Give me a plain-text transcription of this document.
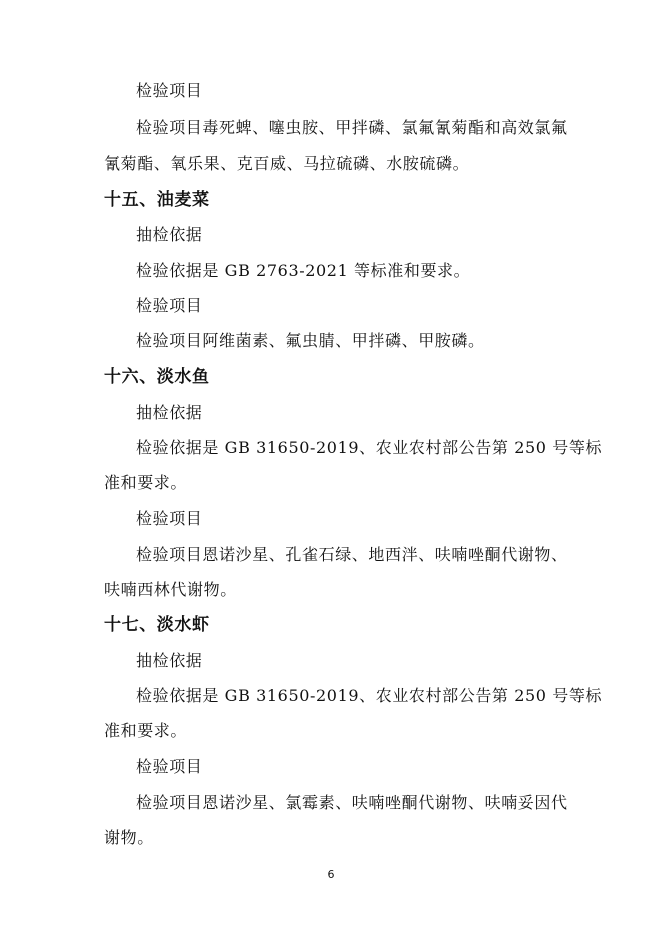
检验项目
检验项目毒死蜱、噻虫胺、甲拌磷、氯氟氰菊酯和高效氯氟
氰菊酯、氧乐果、克百威、马拉硫磷、水胺硫磷。
十五、油麦菜
抽检依据
检验依据是 GB 2763-2021 等标准和要求。
检验项目
检验项目阿维菌素、氟虫腈、甲拌磷、甲胺磷。
十六、淡水鱼
抽检依据
检验依据是 GB 31650-2019、农业农村部公告第 250 号等标
准和要求。
检验项目
检验项目恩诺沙星、孔雀石绿、地西泮、呋喃唑酮代谢物、
呋喃西林代谢物。
十七、淡水虾
抽检依据
检验依据是 GB 31650-2019、农业农村部公告第 250 号等标
准和要求。
检验项目
检验项目恩诺沙星、氯霉素、呋喃唑酮代谢物、呋喃妥因代
谢物。
6
